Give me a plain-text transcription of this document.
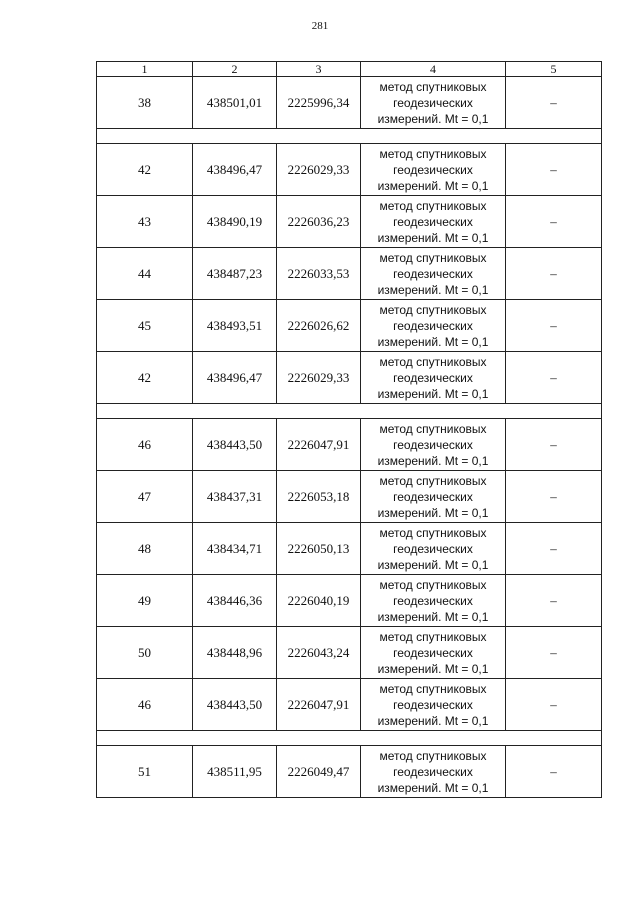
281
1	2	3	4	5
38	438501,01	2225996,34	метод спутниковых
геодезических
измерений. Mt = 0,1	–

42	438496,47	2226029,33	метод спутниковых
геодезических
измерений. Mt = 0,1	–
43	438490,19	2226036,23	метод спутниковых
геодезических
измерений. Mt = 0,1	–
44	438487,23	2226033,53	метод спутниковых
геодезических
измерений. Mt = 0,1	–
45	438493,51	2226026,62	метод спутниковых
геодезических
измерений. Mt = 0,1	–
42	438496,47	2226029,33	метод спутниковых
геодезических
измерений. Mt = 0,1	–

46	438443,50	2226047,91	метод спутниковых
геодезических
измерений. Mt = 0,1	–
47	438437,31	2226053,18	метод спутниковых
геодезических
измерений. Mt = 0,1	–
48	438434,71	2226050,13	метод спутниковых
геодезических
измерений. Mt = 0,1	–
49	438446,36	2226040,19	метод спутниковых
геодезических
измерений. Mt = 0,1	–
50	438448,96	2226043,24	метод спутниковых
геодезических
измерений. Mt = 0,1	–
46	438443,50	2226047,91	метод спутниковых
геодезических
измерений. Mt = 0,1	–

51	438511,95	2226049,47	метод спутниковых
геодезических
измерений. Mt = 0,1	–
